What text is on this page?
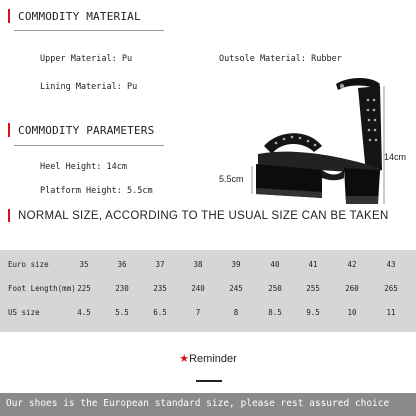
COMMODITY MATERIAL
Upper Material: Pu	Outsole Material: Rubber
Lining Material: Pu
COMMODITY PARAMETERS
Heel Height: 14cm
Platform Height: 5.5cm
5.5cm
14cm
NORMAL SIZE, ACCORDING TO THE USUAL SIZE CAN BE TAKEN
Euro size	35	36	37	38	39	40	41	42	43
Foot Length(mm) 225	230	235	240	245	250	255	260	265
US size	4.5	5.5	6.5	7	8	8.5	9.5	10	11
★Reminder
Our shoes is the European standard size, please rest assured choice
